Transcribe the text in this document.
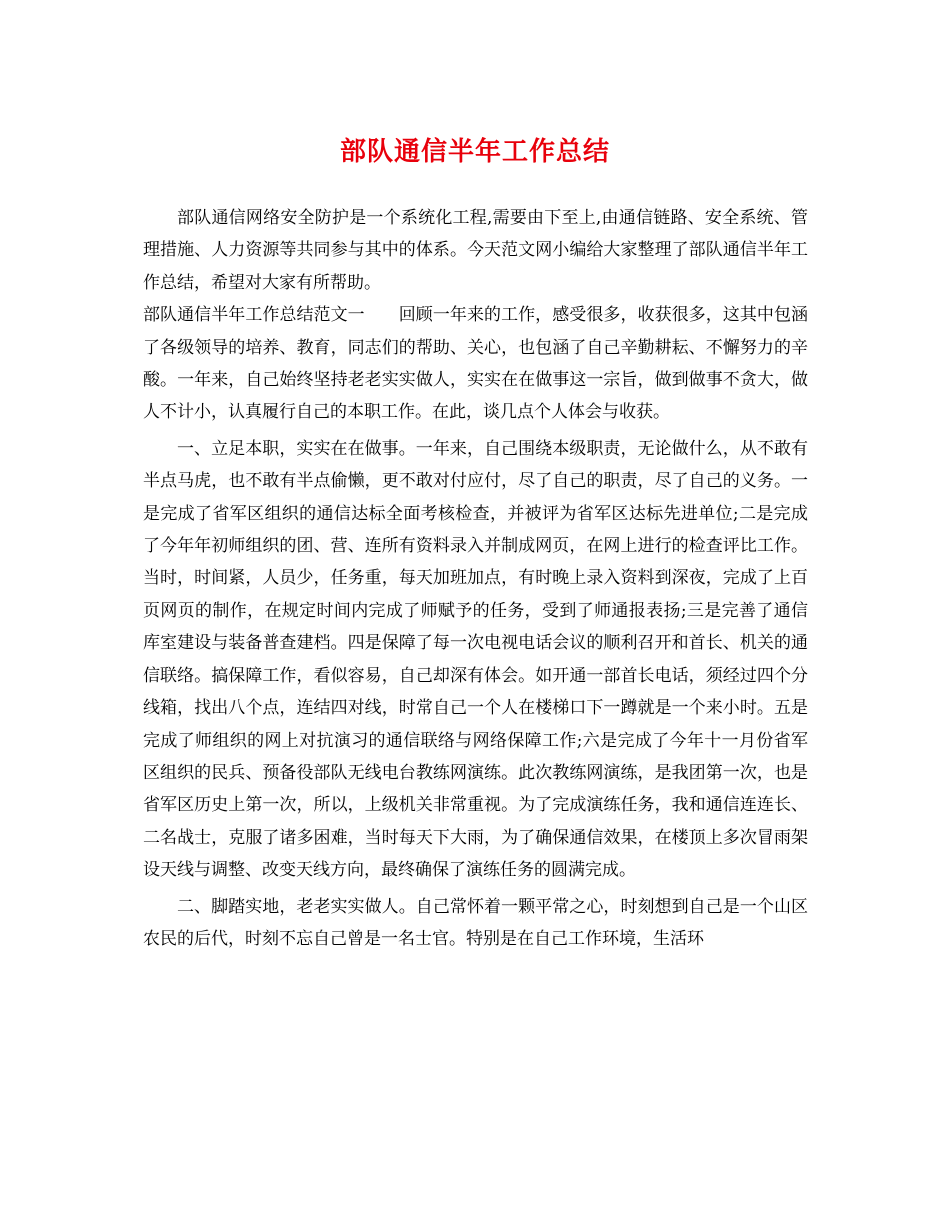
部队通信半年工作总结

部队通信网络安全防护是一个系统化工程,需要由下至上,由通信链路、安全系统、管理措施、人力资源等共同参与其中的体系。今天范文网小编给大家整理了部队通信半年工作总结，希望对大家有所帮助。

部队通信半年工作总结范文一 回顾一年来的工作，感受很多，收获很多，这其中包涵了各级领导的培养、教育，同志们的帮助、关心，也包涵了自己辛勤耕耘、不懈努力的辛酸。一年来，自己始终坚持老老实实做人，实实在在做事这一宗旨，做到做事不贪大，做人不计小，认真履行自己的本职工作。在此，谈几点个人体会与收获。

一、立足本职，实实在在做事。一年来，自己围绕本级职责，无论做什么，从不敢有半点马虎，也不敢有半点偷懒，更不敢对付应付，尽了自己的职责，尽了自己的义务。一是完成了省军区组织的通信达标全面考核检查，并被评为省军区达标先进单位;二是完成了今年年初师组织的团、营、连所有资料录入并制成网页，在网上进行的检查评比工作。当时，时间紧，人员少，任务重，每天加班加点，有时晚上录入资料到深夜，完成了上百页网页的制作，在规定时间内完成了师赋予的任务，受到了师通报表扬;三是完善了通信库室建设与装备普查建档。四是保障了每一次电视电话会议的顺利召开和首长、机关的通信联络。搞保障工作，看似容易，自己却深有体会。如开通一部首长电话，须经过四个分线箱，找出八个点，连结四对线，时常自己一个人在楼梯口下一蹲就是一个来小时。五是完成了师组织的网上对抗演习的通信联络与网络保障工作;六是完成了今年十一月份省军区组织的民兵、预备役部队无线电台教练网演练。此次教练网演练，是我团第一次，也是省军区历史上第一次，所以，上级机关非常重视。为了完成演练任务，我和通信连连长、二名战士，克服了诸多困难，当时每天下大雨，为了确保通信效果，在楼顶上多次冒雨架设天线与调整、改变天线方向，最终确保了演练任务的圆满完成。

二、脚踏实地，老老实实做人。自己常怀着一颗平常之心，时刻想到自己是一个山区农民的后代，时刻不忘自己曾是一名士官。特别是在自己工作环境，生活环
